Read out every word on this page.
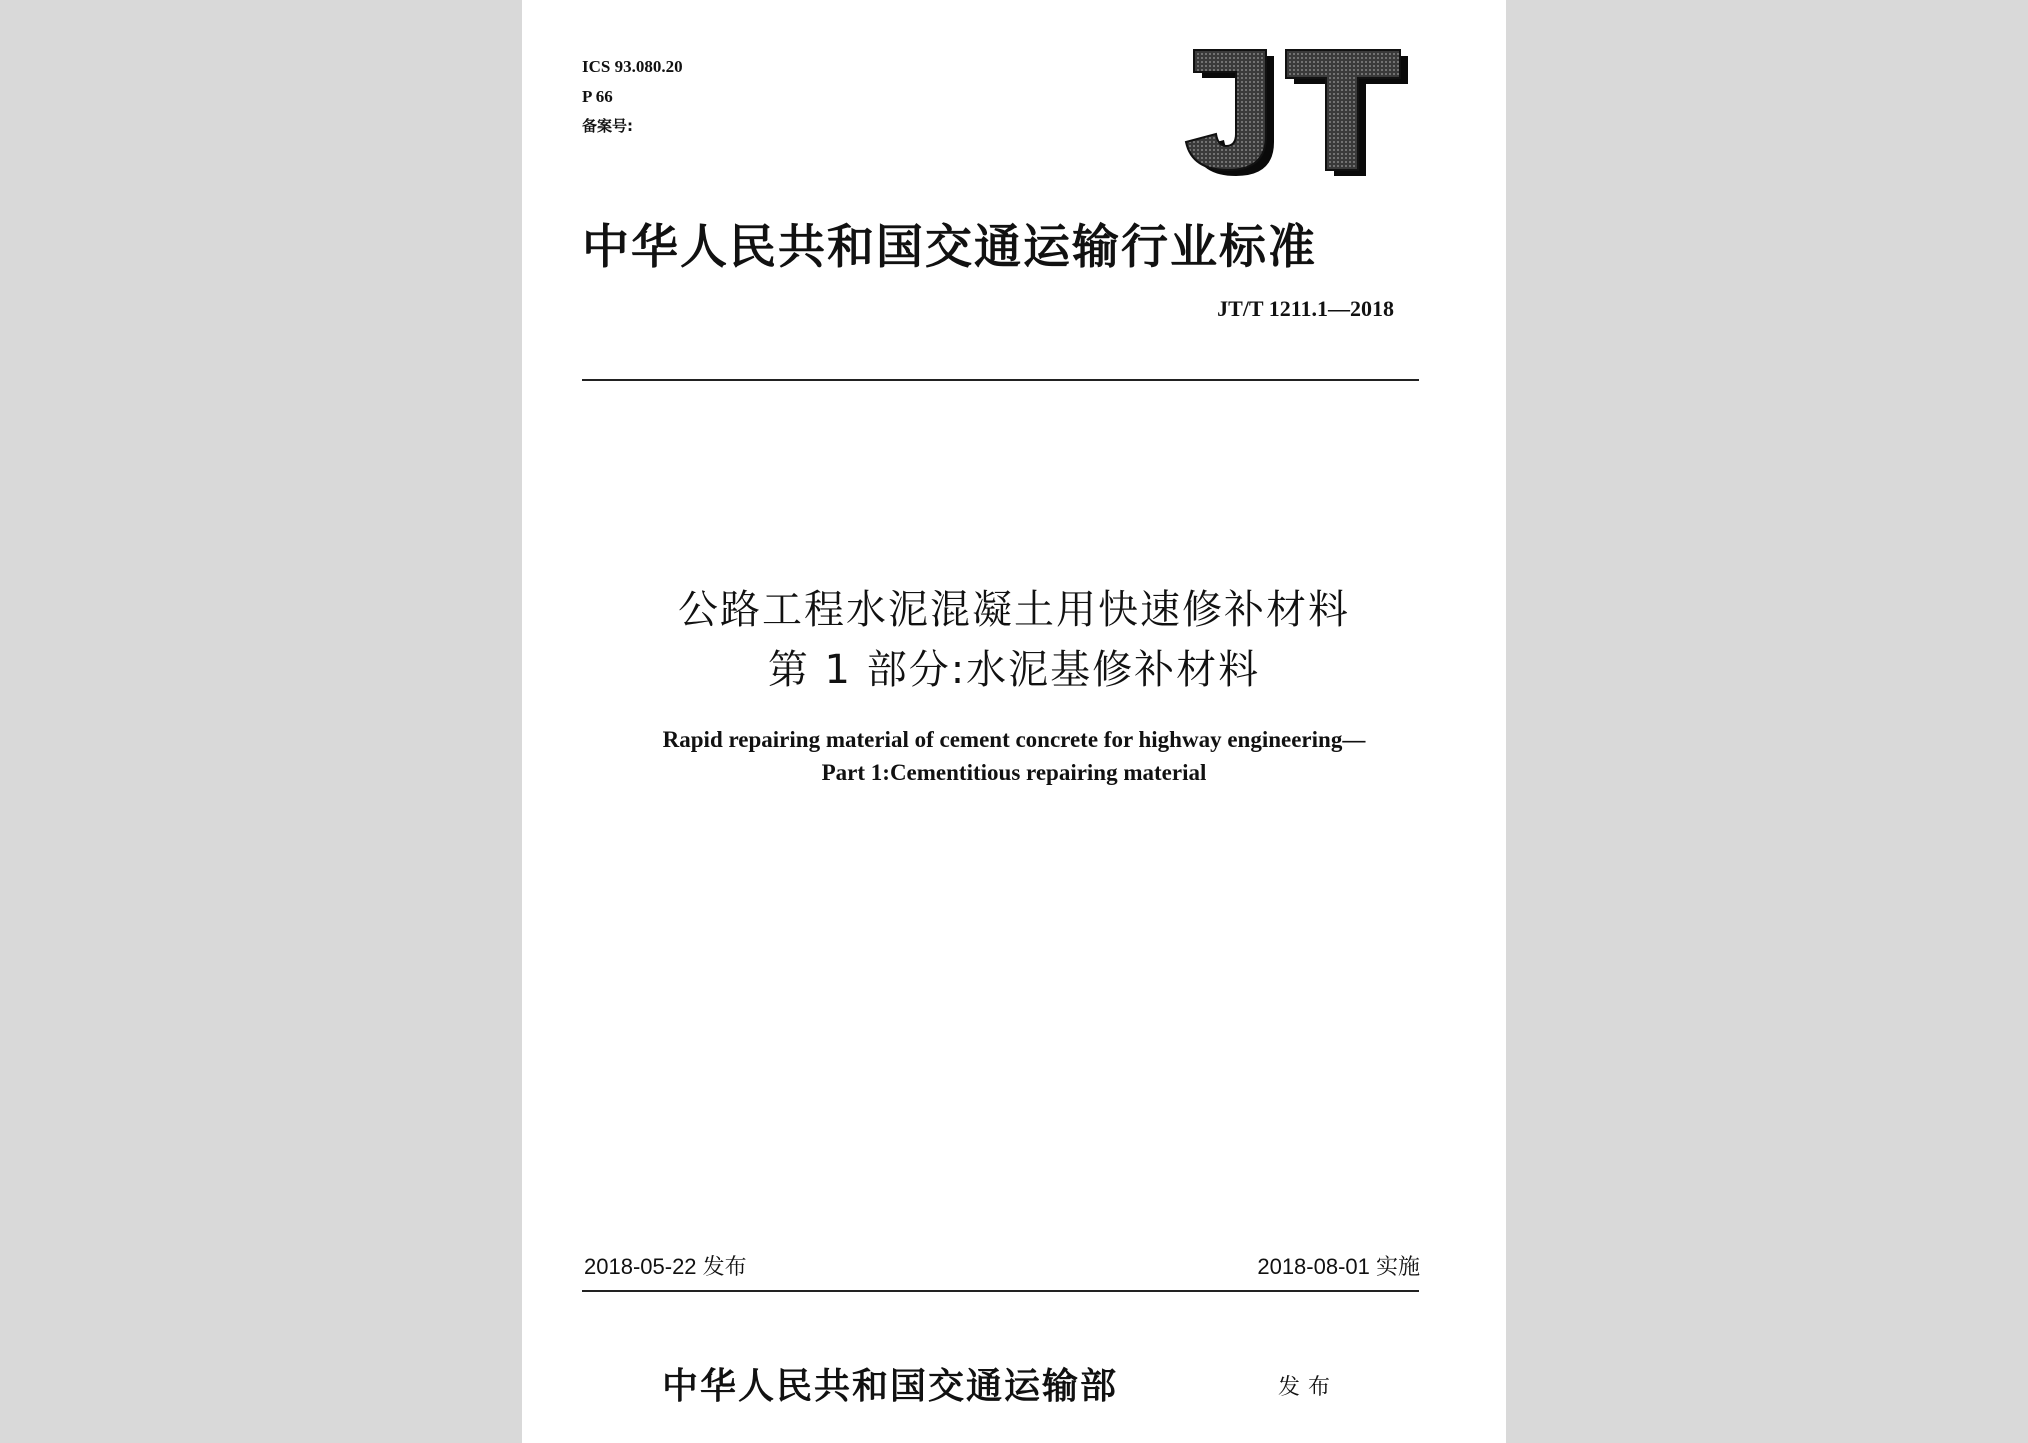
ICS 93.080.20
P 66
备案号:
JT
中华人民共和国交通运输行业标准
JT/T 1211.1—2018
公路工程水泥混凝土用快速修补材料
第 1 部分:水泥基修补材料
Rapid repairing material of cement concrete for highway engineering—
Part 1:Cementitious repairing material
2018-05-22 发布	2018-08-01 实施
中华人民共和国交通运输部	发布
